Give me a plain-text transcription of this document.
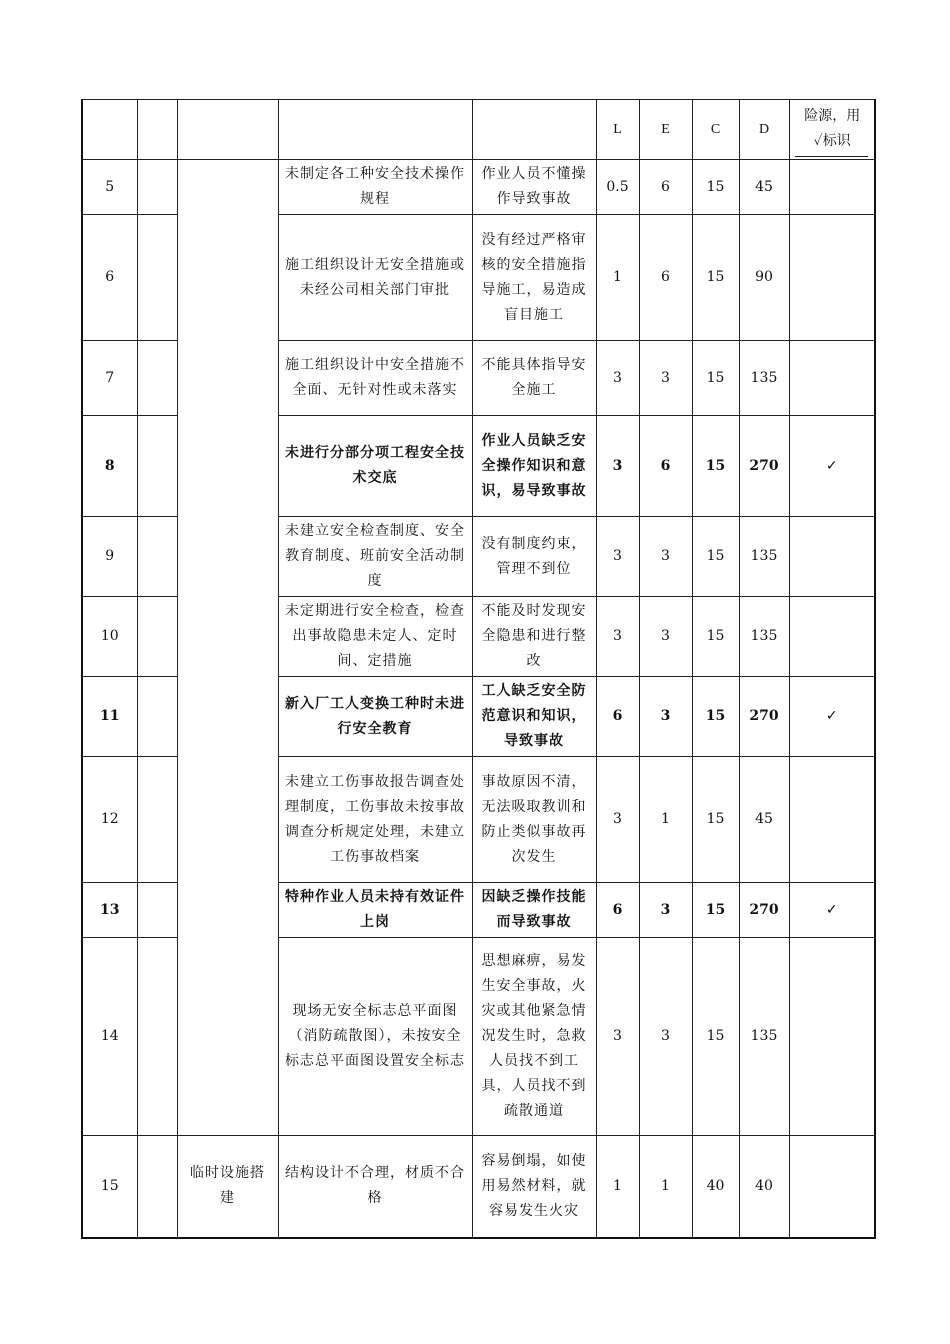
					L	E	C	D	险源，用
✓标识

5			未制定各工种安全技术操作规程	作业人员不懂操作导致事故	0.5	6	15	45	
6			施工组织设计无安全措施或未经公司相关部门审批	没有经过严格审核的安全措施指导施工，易造成盲目施工	1	6	15	90	
7			施工组织设计中安全措施不全面、无针对性或未落实	不能具体指导安全施工	3	3	15	135	
8			未进行分部分项工程安全技术交底	作业人员缺乏安全操作知识和意识，易导致事故	3	6	15	270	✓
9			未建立安全检查制度、安全教育制度、班前安全活动制度	没有制度约束，管理不到位	3	3	15	135	
10			未定期进行安全检查，检查出事故隐患未定人、定时间、定措施	不能及时发现安全隐患和进行整改	3	3	15	135	
11			新入厂工人变换工种时未进行安全教育	工人缺乏安全防范意识和知识，导致事故	6	3	15	270	✓
12			未建立工伤事故报告调查处理制度，工伤事故未按事故调查分析规定处理，未建立工伤事故档案	事故原因不清，无法吸取教训和防止类似事故再次发生	3	1	15	45	
13			特种作业人员未持有效证件上岗	因缺乏操作技能而导致事故	6	3	15	270	✓
14			现场无安全标志总平面图（消防疏散图），未按安全标志总平面图设置安全标志	思想麻痹，易发生安全事故，火灾或其他紧急情况发生时，急救人员找不到工具，人员找不到疏散通道	3	3	15	135	
15		临时设施搭建	结构设计不合理，材质不合格	容易倒塌，如使用易然材料，就容易发生火灾	1	1	40	40	
